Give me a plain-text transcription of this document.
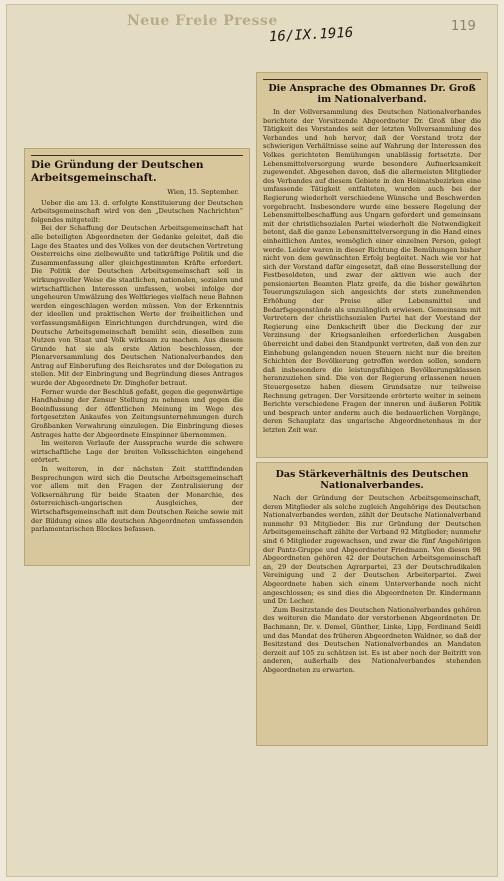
Neue Freie Presse
16/IX.1916	119
Die Gründung der Deutschen Arbeitsgemeinschaft.
Wien, 15. September.

Ueber die am 13. d. erfolgte Konstituierung der Deutschen Arbeitsgemeinschaft wird von den „Deutschen Nachrichten“ folgendes mitgeteilt:

Bei der Schaffung der Deutschen Arbeitsgemeinschaft hat alle beteiligten Abgeordneten der Gedanke geleitet, daß die Lage des Staates und des Volkes von der deutschen Vertretung Oesterreichs eine zielbewußte und tatkräftige Politik und die Zusammenfassung aller gleichgestimmten Kräfte erfordert. Die Politik der Deutschen Arbeitsgemeinschaft soll in wirkungsvoller Weise die staatlichen, nationalen, sozialen und wirtschaftlichen Interessen umfassen, wobei infolge der ungeheuren Umwälzung des Weltkrieges vielfach neue Bahnen werden eingeschlagen werden müssen. Von der Erkenntnis der ideellen und praktischen Werte der freiheitlichen und verfassungsmäßigen Einrichtungen durchdrungen, wird die Deutsche Arbeitsgemeinschaft bemüht sein, dieselben zum Nutzen von Staat und Volk wirksam zu machen. Aus diesem Grunde hat sie als erste Aktion beschlossen, der Plenarversammlung des Deutschen Nationalverbandes den Antrag auf Einberufung des Reichsrates und der Delegation zu stellen. Mit der Einbringung und Begründung dieses Antrages wurde der Abgeordnete Dr. Dinghofer betraut.

Ferner wurde der Beschluß gefaßt, gegen die gegenwärtige Handhabung der Zensur Stellung zu nehmen und gegen die Beeinflussung der öffentlichen Meinung im Wege des fortgesetzten Ankaufes von Zeitungsunternehmungen durch Großbanken Verwahrung einzulegen. Die Einbringung dieses Antrages hatte der Abgeordnete Einspinner übernommen.

Im weiteren Verlaufe der Aussprache wurde die schwere wirtschaftliche Lage der breiten Volksschichten eingehend erörtert.

In weiteren, in der nächsten Zeit stattfindenden Besprechungen wird sich die Deutsche Arbeitsgemeinschaft vor allem mit den Fragen der Zentralisierung der Volksernährung für beide Staaten der Monarchie, des österreichisch-ungarischen Ausgleiches, der Wirtschaftsgemeinschaft mit dem Deutschen Reiche sowie mit der Bildung eines alle deutschen Abgeordneten umfassenden parlamentarischen Blockes befassen.

Die Ansprache des Obmannes Dr. Groß im Nationalverband.

In der Vollversammlung des Deutschen Nationalverbandes berichtete der Vorsitzende Abgeordneter Dr. Groß über die Tätigkeit des Vorstandes seit der letzten Vollversammlung des Verbandes und hob hervor, daß der Vorstand trotz der schwierigen Verhältnisse seine auf Wahrung der Interessen des Volkes gerichteten Bemühungen unablässig fortsetzte. Der Lebensmittelversorgung wurde besondere Aufmerksamkeit zugewendet. Abgesehen davon, daß die allermeisten Mitglieder des Verbandes auf diesem Gebiete in den Heimatsbezirken eine umfassende Tätigkeit entfalteten, wurden auch bei der Regierung wiederholt verschiedene Wünsche und Beschwerden vorgebracht. Insbesondere wurde eine bessere Regelung der Lebensmittelbeschaffung aus Ungarn gefordert und gemeinsam mit der christlichsozialen Partei wiederholt die Notwendigkeit betont, daß die ganze Lebensmittelversorgung in die Hand eines einheitlichen Amtes, womöglich einer einzelnen Person, gelegt werde. Leider waren in dieser Richtung die Bemühungen bisher nicht von dem gewünschten Erfolg begleitet. Nach wie vor hat sich der Vorstand dafür eingesetzt, daß eine Besserstellung der Festbesoldeten, und zwar der aktiven wie auch der pensionierten Beamten Platz greife, da die bisher gewährten Teuerungszulagen sich angesichts der stets zunehmenden Erhöhung der Preise aller Lebensmittel und Bedarfsgegenstände als unzulänglich erwiesen. Gemeinsam mit Vertretern der christlichsozialen Partei hat der Vorstand der Regierung eine Denkschrift über die Deckung der zur Verzinsung der Kriegsanleihen erforderlichen Ausgaben überreicht und dabei den Standpunkt vertreten, daß von den zur Einhebung gelangenden neuen Steuern nicht nur die breiten Schichten der Bevölkerung getroffen werden sollen, sondern daß insbesondere die leistungsfähigen Bevölkerungsklassen heranzuziehen sind. Die von der Regierung erlassenen neuen Steuergesetze haben diesem Grundsatze nur teilweise Rechnung getragen. Der Vorsitzende erörterte weiter in seinem Berichte verschiedene Fragen der inneren und äußeren Politik und besprach unter anderm auch die bedauerlichen Vorgänge, deren Schauplatz das ungarische Abgeordnetenhaus in der letzten Zeit war.

Das Stärkeverhältnis des Deutschen Nationalverbandes.

Nach der Gründung der Deutschen Arbeitsgemeinschaft, deren Mitglieder als solche zugleich Angehörige des Deutschen Nationalverbandes werden, zählt der Deutsche Nationalverband nunmehr 93 Mitglieder. Bis zur Gründung der Deutschen Arbeitsgemeinschaft zählte der Verband 92 Mitglieder; nunmehr sind 6 Mitglieder zugewachsen, und zwar die fünf Angehörigen der Pantz-Gruppe und Abgeordneter Friedmann. Von diesen 98 Abgeordneten gehören 42 der Deutschen Arbeitsgemeinschaft an, 29 der Deutschen Agrarpartei, 23 der Deutschradikalen Vereinigung und 2 der Deutschen Arbeiterpartei. Zwei Abgeordnete haben sich einem Unterverbande noch nicht angeschlossen; es sind dies die Abgeordneten Dr. Kindermann und Dr. Lecher.

Zum Besitzstande des Deutschen Nationalverbandes gehören des weiteren die Mandate der verstorbenen Abgeordneten Dr. Bachmann, Dr. v. Demel, Günther, Linke, Lipp, Ferdinand Seidl und das Mandat des früheren Abgeordneten Waldner, so daß der Besitzstand des Deutschen Nationalverbandes an Mandaten derzeit auf 105 zu schätzen ist. Es ist aber noch der Beitritt von anderen, außerhalb des Nationalverbandes stehenden Abgeordneten zu erwarten.
